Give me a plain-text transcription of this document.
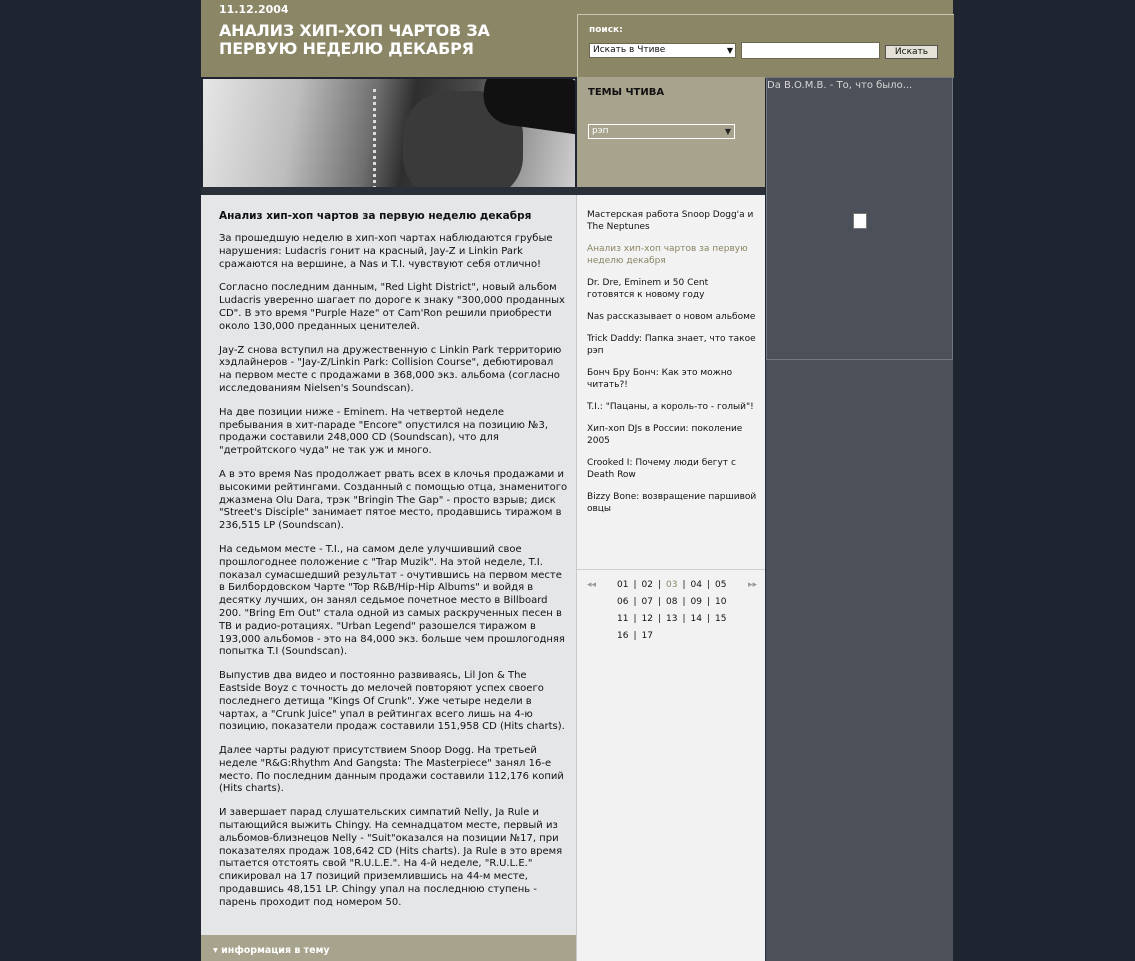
11.12.2004
АНАЛИЗ ХИП-ХОП ЧАРТОВ ЗА ПЕРВУЮ НЕДЕЛЮ ДЕКАБРЯ
поиск:
Искать в Чтиве	▼	Искать
ТЕМЫ ЧТИВА
рэп	▼
Da B.O.M.B. - То, что было...
Анализ хип-хоп чартов за первую неделю декабря

За прошедшую неделю в хип-хоп чартах наблюдаются грубые нарушения: Ludacris гонит на красный, Jay-Z и Linkin Park сражаются на вершине, а Nas и T.I. чувствуют себя отлично!

Согласно последним данным, "Red Light District", новый альбом Ludacris уверенно шагает по дороге к знаку "300,000 проданных CD". В это время "Purple Haze" от Cam'Ron решили приобрести около 130,000 преданных ценителей.

Jay-Z снова вступил на дружественную с Linkin Park территорию хэдлайнеров - "Jay-Z/Linkin Park: Collision Course", дебютировал на первом месте с продажами в 368,000 экз. альбома (согласно исследованиям Nielsen's Soundscan).

На две позиции ниже - Eminem. На четвертой неделе пребывания в хит-параде "Encore" опустился на позицию №3, продажи составили 248,000 CD (Soundscan), что для "детройтского чуда" не так уж и много.

А в это время Nas продолжает рвать всех в клочья продажами и высокими рейтингами. Созданный с помощью отца, знаменитого джазмена Olu Dara, трэк "Bringin The Gap" - просто взрыв; диск "Street's Disciple" занимает пятое место, продавшись тиражом в 236,515 LP (Soundscan).

На седьмом месте - T.I., на самом деле улучшивший свое прошлогоднее положение с "Trap Muzik". На этой неделе, T.I. показал сумасшедший результат - очутившись на первом месте в Билбордовском Чарте "Top R&B/Hip-Hip Albums" и войдя в десятку лучших, он занял седьмое почетное место в Billboard 200. "Bring Em Out" стала одной из самых раскрученных песен в ТВ и радио-ротациях. "Urban Legend" разошелся тиражом в 193,000 альбомов - это на 84,000 экз. больше чем прошлогодняя попытка T.I (Soundscan).

Выпустив два видео и постоянно развиваясь, Lil Jon & The Eastside Boyz с точность до мелочей повторяют успех своего последнего детища "Kings Of Crunk". Уже четыре недели в чартах, а "Crunk Juice" упал в рейтингах всего лишь на 4-ю позицию, показатели продаж составили 151,958 CD (Hits charts).

Далее чарты радуют присутствием Snoop Dogg. На третьей неделе "R&G:Rhythm And Gangsta: The Masterpiece" занял 16-е место. По последним данным продажи составили 112,176 копий (Hits charts).

И завершает парад слушательских симпатий Nelly, Ja Rule и пытающийся выжить Chingy. На семнадцатом месте, первый из альбомов-близнецов Nelly - "Suit"оказался на позиции №17, при показателях продаж 108,642 CD (Hits charts). Ja Rule в это время пытается отстоять свой "R.U.L.E.". На 4-й неделе, "R.U.L.E." спикировал на 17 позиций приземлившись на 44-м месте, продавшись 48,151 LP. Chingy упал на последнюю ступень - парень проходит под номером 50.

▾ информация в тему
Мастерская работа Snoop Dogg'a и The Neptunes
Анализ хип-хоп чартов за первую неделю декабря
Dr. Dre, Eminem и 50 Cent готовятся к новому году
Nas рассказывает о новом альбоме
Trick Daddy: Папка знает, что такое рэп
Бонч Бру Бонч: Как это можно читать?!
T.I.: "Пацаны, а король-то - голый"!
Хип-хоп DJs в России: поколение 2005
Crooked I: Почему люди бегут с Death Row
Bizzy Bone: возвращение паршивой овцы
◂◂ 01 | 02 | 03 | 04 | 05 ▸▸
06 | 07 | 08 | 09 | 10
11 | 12 | 13 | 14 | 15
16 | 17
